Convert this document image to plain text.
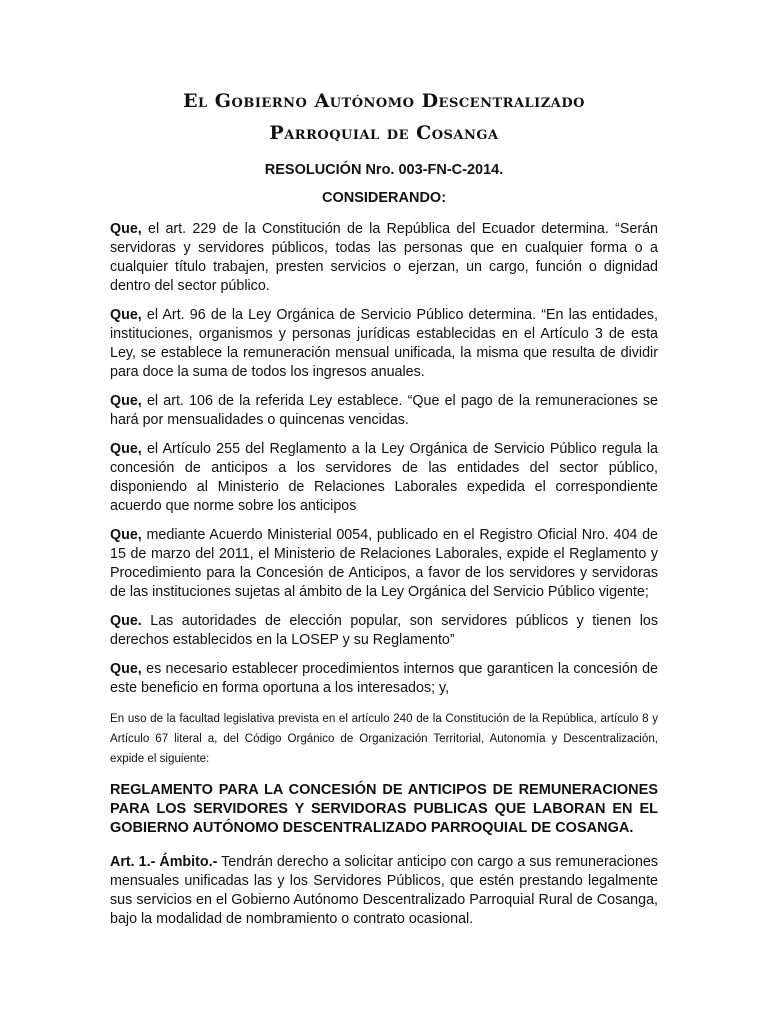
El Gobierno Autónomo Descentralizado
Parroquial de Cosanga
RESOLUCIÓN Nro. 003-FN-C-2014.
CONSIDERANDO:

Que, el art. 229 de la Constitución de la República del Ecuador determina. “Serán servidoras y servidores públicos, todas las personas que en cualquier forma o a cualquier título trabajen, presten servicios o ejerzan, un cargo, función o dignidad dentro del sector público.

Que, el Art. 96 de la Ley Orgánica de Servicio Público determina. “En las entidades, instituciones, organismos y personas jurídicas establecidas en el Artículo 3 de esta Ley, se establece la remuneración mensual unificada, la misma que resulta de dividir para doce la suma de todos los ingresos anuales.

Que, el art. 106 de la referida Ley establece. “Que el pago de la remuneraciones se hará por mensualidades o quincenas vencidas.

Que, el Artículo 255 del Reglamento a la Ley Orgánica de Servicio Público regula la concesión de anticipos a los servidores de las entidades del sector público, disponiendo al Ministerio de Relaciones Laborales expedida el correspondiente acuerdo que norme sobre los anticipos

Que, mediante Acuerdo Ministerial 0054, publicado en el Registro Oficial Nro. 404 de 15 de marzo del 2011, el Ministerio de Relaciones Laborales, expide el Reglamento y Procedimiento para la Concesión de Anticipos, a favor de los servidores y servidoras de las instituciones sujetas al ámbito de la Ley Orgánica del Servicio Público vigente;

Que. Las autoridades de elección popular, son servidores públicos y tienen los derechos establecidos en la LOSEP y su Reglamento”

Que, es necesario establecer procedimientos internos que garanticen la concesión de este beneficio en forma oportuna a los interesados; y,

En uso de la facultad legislativa prevista en el artículo 240 de la Constitución de la República, artículo 8 y Artículo 67 literal a, del Código Orgánico de Organización Territorial, Autonomía y Descentralización, expide el siguiente:

REGLAMENTO PARA LA CONCESIÓN DE ANTICIPOS DE REMUNERACIONES PARA LOS SERVIDORES Y SERVIDORAS PUBLICAS QUE LABORAN EN EL GOBIERNO AUTÓNOMO DESCENTRALIZADO PARROQUIAL DE COSANGA.

Art. 1.- Ámbito.- Tendrán derecho a solicitar anticipo con cargo a sus remuneraciones mensuales unificadas las y los Servidores Públicos, que estén prestando legalmente sus servicios en el Gobierno Autónomo Descentralizado Parroquial Rural de Cosanga, bajo la modalidad de nombramiento o contrato ocasional.
